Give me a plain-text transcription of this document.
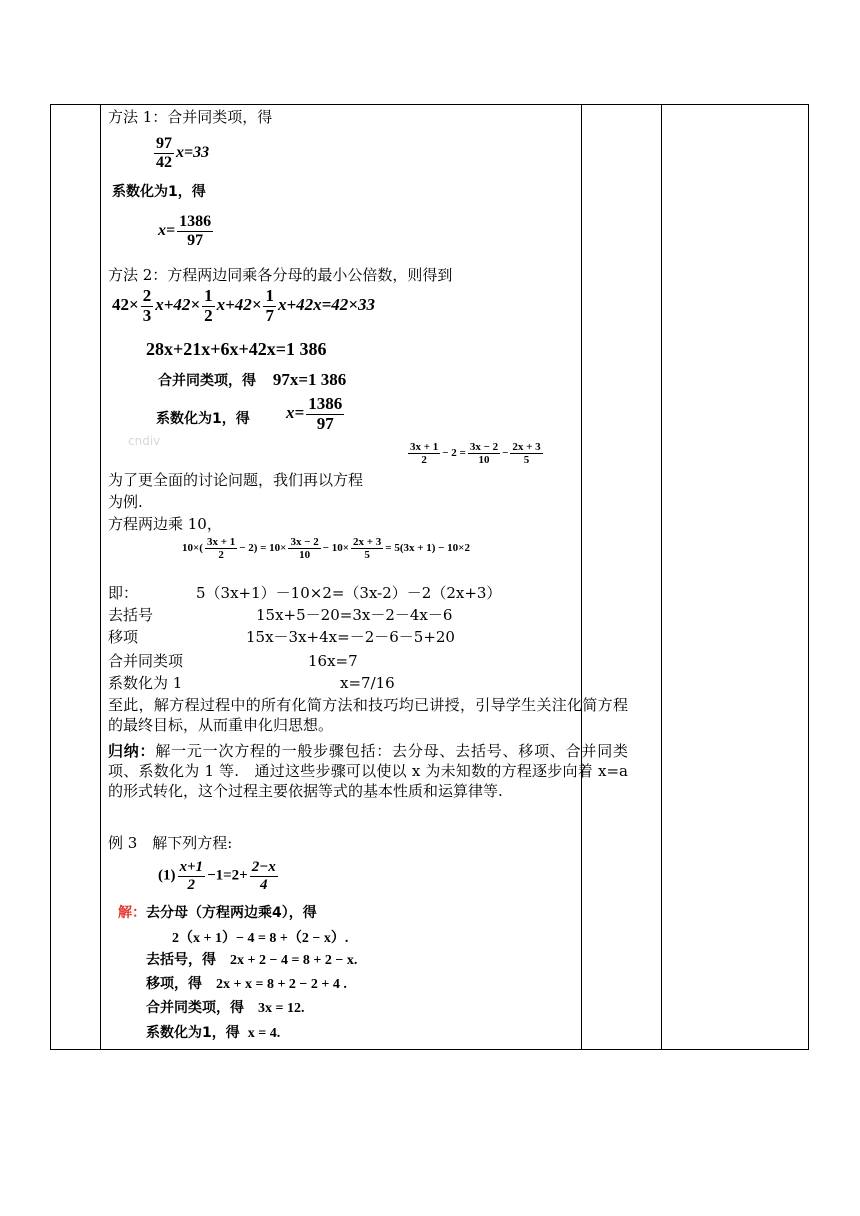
方法 1：合并同类项，得
$\frac{97}{42} x=33$
系数化为1，得
$x= \frac{1386}{97}$
方法 2：方程两边同乘各分母的最小公倍数，则得到
$42\times \frac{2}{3} x+42\times \frac{1}{2} x+42\times \frac{1}{7} x+42x=42\times 33$
28x+21x+6x+42x=1 386
合并同类项，得 97x=1 386
系数化为1，得 $x= \frac{1386}{97}$
cndiv	$\frac{3x + 1}{2} - 2 = \frac{3x - 2}{10} - \frac{2x + 3}{5}$
为了更全面的讨论问题，我们再以方程
为例.
方程两边乘 10，
$10\times( \frac{3x + 1}{2} - 2) = 10\times \frac{3x - 2}{10} - 10\times \frac{2x + 3}{5} = 5(3x + 1) - 10\times 2$
即：	5（3x+1）－10×2=（3x-2）－2（2x+3）
去括号	15x+5－20=3x－2－4x－6
移项	15x－3x+4x=－2－6－5+20
合并同类项	16x=7
系数化为 1	x=7/16
至此，解方程过程中的所有化简方法和技巧均已讲授，引导学生关注化简方程的最终目标，从而重申化归思想。
归纳：解一元一次方程的一般步骤包括：去分母、去括号、移项、合并同类项、系数化为 1 等.　通过这些步骤可以使以 x 为未知数的方程逐步向着 x=a 的形式转化，这个过程主要依据等式的基本性质和运算律等.
例 3　解下列方程:
$(1) \frac{x+1}{2} -1=2+ \frac{2-x}{4}$
解：去分母（方程两边乘4），得
2（x + 1）− 4 = 8 +（2 − x）.
去括号，得 2x + 2 − 4 = 8 + 2 − x.
移项，得 2x + x = 8 + 2 − 2 + 4 .
合并同类项，得 3x = 12.
系数化为1，得 x = 4.
